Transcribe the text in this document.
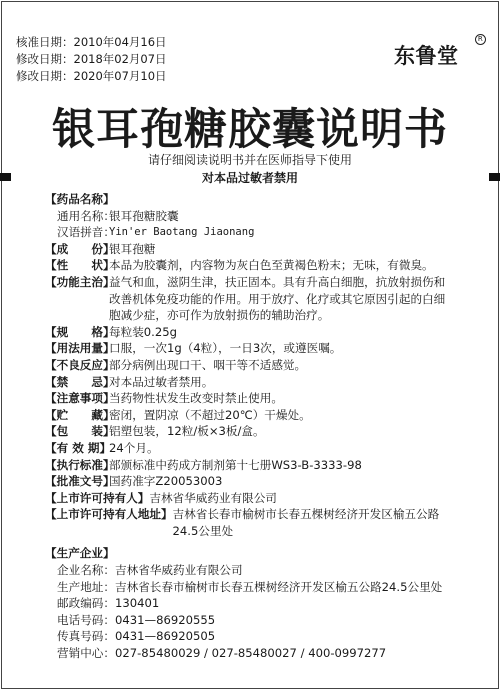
核准日期：2010年04月16日
修改日期：2018年02月07日
修改日期：2020年07月10日
东鲁堂
R
银耳孢糖胶囊说明书
请仔细阅读说明书并在医师指导下使用
对本品过敏者禁用
【药品名称】
通用名称：
银耳孢糖胶囊
汉语拼音：
Yin'er Baotang Jiaonang
【成　　份】
银耳孢糖
【性　　状】
本品为胶囊剂，内容物为灰白色至黄褐色粉末；无味，有微臭。
【功能主治】
益气和血，滋阴生津，扶正固本。具有升高白细胞，抗放射损伤和改善机体免疫功能的作用。用于放疗、化疗或其它原因引起的白细胞减少症，亦可作为放射损伤的辅助治疗。
【规　　格】
每粒装0.25g
【用法用量】
口服，一次1g（4粒），一日3次，或遵医嘱。
【不良反应】
部分病例出现口干、咽干等不适感觉。
【禁　　忌】
对本品过敏者禁用。
【注意事项】
当药物性状发生改变时禁止使用。
【贮　　藏】
密闭，置阴凉（不超过20℃）干燥处。
【包　　装】
铝塑包装，12粒/板×3板/盒。
【有 效 期】
24个月。
【执行标准】
部颁标准中药成方制剂第十七册WS3-B-3333-98
【批准文号】
国药准字Z20053003
【上市许可持有人】 吉林省华威药业有限公司
【上市许可持有人地址】 吉林省长春市榆树市长春五棵树经济开发区榆五公路24.5公里处
【生产企业】
企业名称： 吉林省华威药业有限公司
生产地址： 吉林省长春市榆树市长春五棵树经济开发区榆五公路24.5公里处
邮政编码： 130401
电话号码： 0431—86920555
传真号码： 0431—86920505
营销中心： 027-85480029 / 027-85480027 / 400-0997277
